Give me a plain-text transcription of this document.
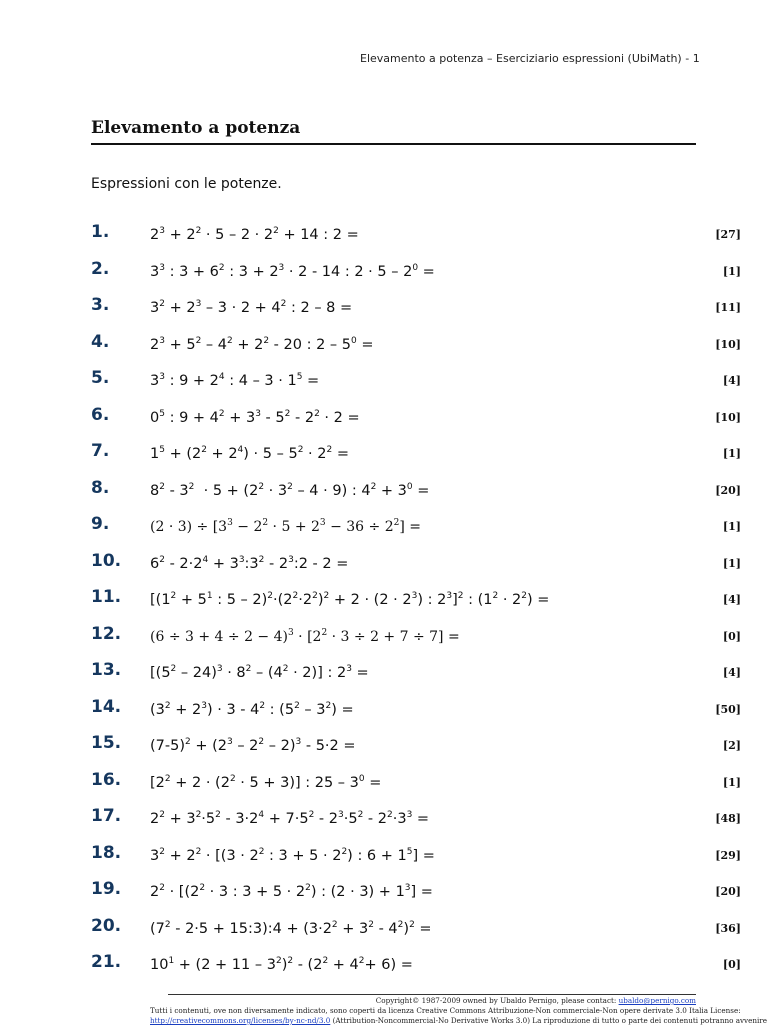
Elevamento a potenza – Eserciziario espressioni (UbiMath) - 1
Elevamento a potenza
Espressioni con le potenze.
1.	$2^3 + 2^2 \cdot 5 - 2 \cdot 2^2 + 14$ : 2 =	[27]
2.	$3^3$ : $3 + 6^2$ : $3 + 2^3 \cdot 2 - 14$ : $2 \cdot 5 - 2^0$ =	[1]
3.	$3^2 + 2^3 - 3 \cdot 2 + 4^2$ : 2 – 8 =	[11]
4.	$2^3 + 5^2 - 4^2 + 2^2 - 20$ : $2 - 5^0$ =	[10]
5.	$3^3$ : $9 + 2^4$ : $4 - 3 \cdot 1^5$ =	[4]
6.	$0^5$ : $9 + 4^2 + 3^3 - 5^2 - 2^2 \cdot 2$ =	[10]
7.	$1^5 + (2^2 + 2^4) \cdot 5 - 5^2 \cdot 2^2$ =	[1]
8.	$8^2 - 3^2 \cdot 5 + (2^2 \cdot 3^2 - 4 \cdot 9)$ : $4^2 + 3^0$ =	[20]
9.	$(2 \cdot 3) \div [3^3 - 2^2 \cdot 5 + 2^3 - 36 \div 2^2]$ =	[1]
10. $6^2 - 2\cdot 2^4$ + $3^3:3^2$ - $2^3:2 - 2$ =	[1]
11. [($1^2 + 5^1$ : $5 - 2)^2\cdot(2^2\cdot 2^2)^2 + 2 \cdot (2 \cdot 2^3)$ : $2^3]^2$ : $(1^2 \cdot 2^2)$ =	[4]
12. $(6 \div 3 + 4 \div 2 - 4)^3 \cdot [2^2 \cdot 3 \div 2 + 7 \div 7]$ =	[0]
13. $[(5^2 - 24)^3 \cdot 8^2 - (4^2 \cdot 2)]$ : $2^3$ =	[4]
14. $(3^2 + 2^3) \cdot 3 - 4^2$ : $(5^2 - 3^2)$ =	[50]
15. $(7-5)^2 + (2^3 - 2^2 - 2)^3 - 5\cdot 2$ =	[2]
16. $[2^2 + 2 \cdot (2^2 \cdot 5 + 3)]$ : $25 - 3^0$ =	[1]
17. $2^2 + 3^2\cdot 5^2 - 3\cdot 2^4 + 7\cdot 5^2 - 2^3\cdot 5^2 - 2^2\cdot 3^3$ =	[48]
18. $3^2 + 2^2 \cdot [(3 \cdot 2^2$ : $3 + 5 \cdot 2^2$) : $6 + 1^5$] =	[29]
19. $2^2 \cdot [(2^2 \cdot 3$ : $3 + 5 \cdot 2^2$) : $(2 \cdot 3) + 1^3$] =	[20]
20. ($7^2 - 2\cdot 5$ + 15:3):4 + $(3\cdot 2^2 + 3^2 - 4^2)^2$ =	[36]
21. $10^1 + (2 + 11 - 3^2)^2 - (2^2 + 4^2+ 6)$ =	[0]
Copyright© 1987-2009 owned by Ubaldo Pernigo, please contact: ubaldo@pernigo.com
Tutti i contenuti, ove non diversamente indicato, sono coperti da licenza Creative Commons Attribuzione-Non commerciale-Non opere derivate 3.0 Italia License:
http://creativecommons.org/licenses/by-nc-nd/3.0 (Attribution-Noncommercial-No Derivative Works 3.0) La riproduzione di tutto o parte dei contenuti potranno avvenire
